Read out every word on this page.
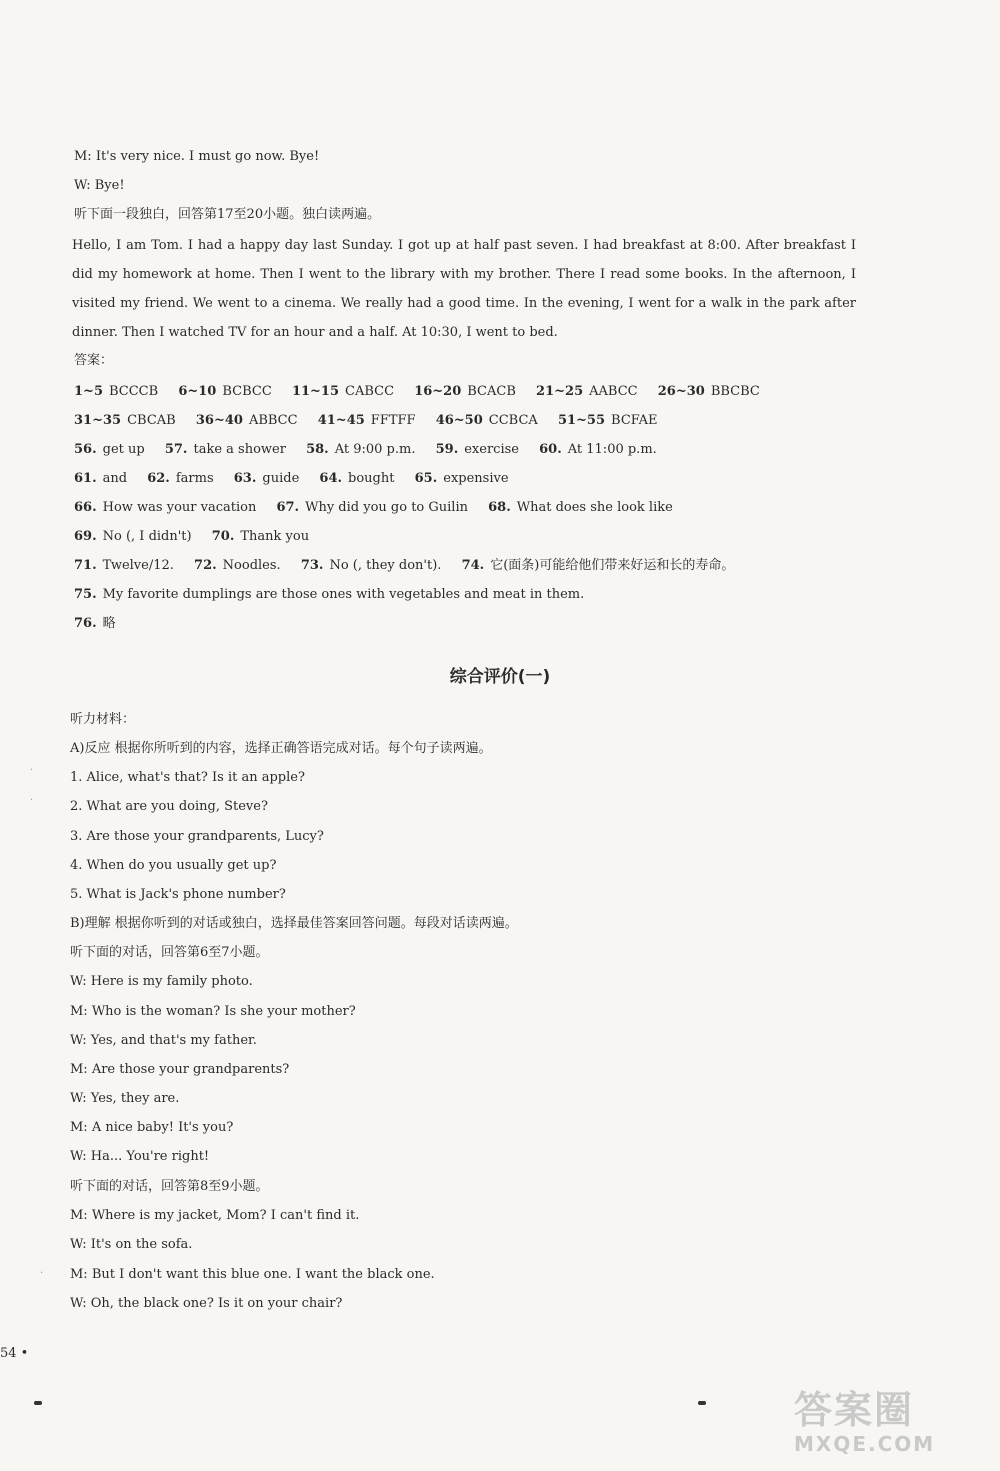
M: It's very nice. I must go now. Bye!
W: Bye!
听下面一段独白，回答第17至20小题。独白读两遍。
Hello, I am Tom. I had a happy day last Sunday. I got up at half past seven. I had breakfast at 8:00. After breakfast I did my homework at home. Then I went to the library with my brother. There I read some books. In the afternoon, I visited my friend. We went to a cinema. We really had a good time. In the evening, I went for a walk in the park after dinner. Then I watched TV for an hour and a half. At 10:30, I went to bed.
答案：
1~5 BCCCB 6~10 BCBCC 11~15 CABCC 16~20 BCACB 21~25 AABCC 26~30 BBCBC
31~35 CBCAB 36~40 ABBCC 41~45 FFTFF 46~50 CCBCA 51~55 BCFAE
56. get up 57. take a shower 58. At 9:00 p.m. 59. exercise 60. At 11:00 p.m.
61. and 62. farms 63. guide 64. bought 65. expensive
66. How was your vacation 67. Why did you go to Guilin 68. What does she look like
69. No (, I didn't) 70. Thank you
71. Twelve/12. 72. Noodles. 73. No (, they don't). 74. 它(面条)可能给他们带来好运和长的寿命。
75. My favorite dumplings are those ones with vegetables and meat in them.
76. 略
综合评价(一)
听力材料：
A)反应 根据你所听到的内容，选择正确答语完成对话。每个句子读两遍。
1. Alice, what's that? Is it an apple?
2. What are you doing, Steve?
3. Are those your grandparents, Lucy?
4. When do you usually get up?
5. What is Jack's phone number?
B)理解 根据你听到的对话或独白，选择最佳答案回答问题。每段对话读两遍。
听下面的对话，回答第6至7小题。
W: Here is my family photo.
M: Who is the woman? Is she your mother?
W: Yes, and that's my father.
M: Are those your grandparents?
W: Yes, they are.
M: A nice baby! It's you?
W: Ha... You're right!
听下面的对话，回答第8至9小题。
M: Where is my jacket, Mom? I can't find it.
W: It's on the sofa.
M: But I don't want this blue one. I want the black one.
W: Oh, the black one? Is it on your chair?
·
·
·
54 •
答案圈
MXQE.COM
